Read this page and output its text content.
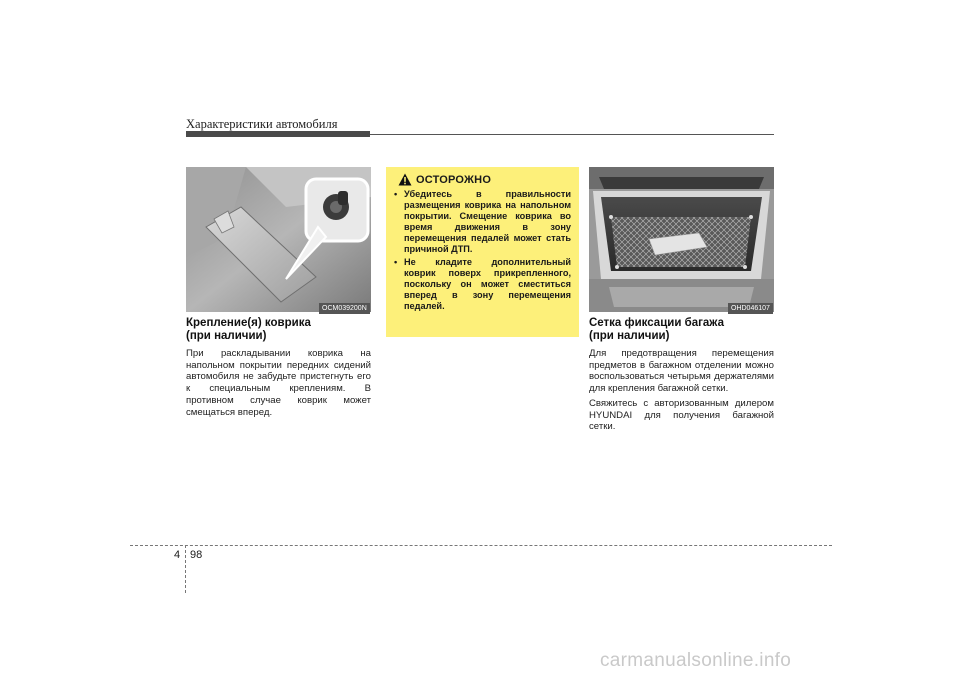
Характеристики автомобиля
OCM039200N
Крепление(я) коврика
(при наличии)
При раскладывании коврика на напольном покрытии передних сидений автомобиля не забудьте пристегнуть его к специальным креплениям. В противном случае коврик может смещаться вперед.
ОСТОРОЖНО
• Убедитесь в правильности размещения коврика на напольном покрытии. Смещение коврика во время движения в зону перемещения педалей может стать причиной ДТП.
• Не кладите дополнительный коврик поверх прикрепленного, поскольку он может сместиться вперед в зону перемещения педалей.	OHD046107
Сетка фиксации багажа
(при наличии)

Для предотвращения перемещения предметов в багажном отделении можно воспользоваться четырьмя держателями для крепления багажной сетки.

Свяжитесь с авторизованным дилером HYUNDAI для получения багажной сетки.

4 98
carmanualsonline.info
